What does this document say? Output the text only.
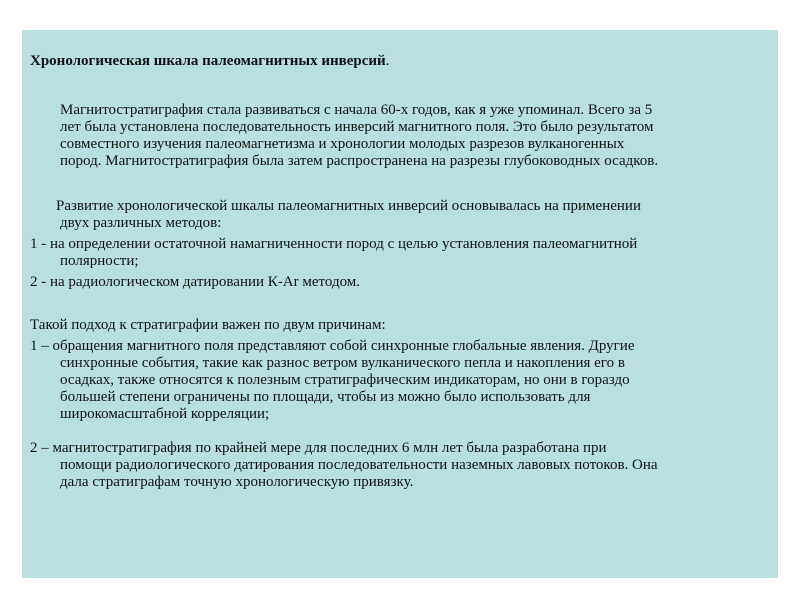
Хронологическая шкала палеомагнитных инверсий.
Магнитостратиграфия стала развиваться с начала 60-х годов, как я уже упоминал. Всего за 5
лет была установлена последовательность инверсий магнитного поля. Это было результатом
совместного изучения палеомагнетизма и хронологии молодых разрезов вулканогенных
пород. Магнитостратиграфия была затем распространена на разрезы глубоководных осадков.
Развитие хронологической шкалы палеомагнитных инверсий основывалась на применении
двух различных методов:
1 - на определении остаточной намагниченности пород с целью установления палеомагнитной
полярности;
2 - на радиологическом датировании К-Ar методом.
Такой подход к стратиграфии важен по двум причинам:
1 – обращения магнитного поля представляют собой синхронные глобальные явления. Другие
синхронные события, такие как разнос ветром вулканического пепла и накопления его в
осадках, также относятся к полезным стратиграфическим индикаторам, но они в гораздо
большей степени ограничены по площади, чтобы из можно было использовать для
широкомасштабной корреляции;
2 – магнитостратиграфия по крайней мере для последних 6 млн лет была разработана при
помощи радиологического датирования последовательности наземных лавовых потоков. Она
дала стратиграфам точную хронологическую привязку.
